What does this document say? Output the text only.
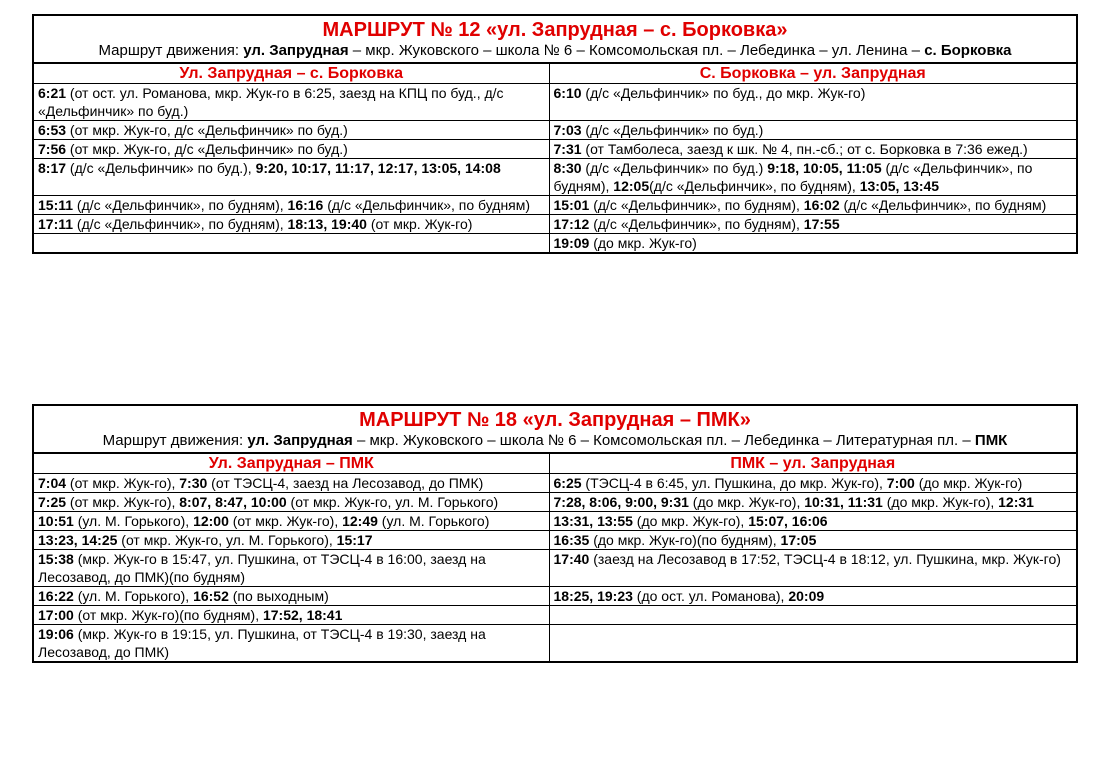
МАРШРУТ № 12 «ул. Запрудная – с. Борковка»
Маршрут движения: ул. Запрудная – мкр. Жуковского – школа № 6 – Комсомольская пл. – Лебединка – ул. Ленина – с. Борковка
Ул. Запрудная – с. Борковка	С. Борковка – ул. Запрудная
6:21 (от ост. ул. Романова, мкр. Жук-го в 6:25, заезд на КПЦ по буд., д/с «Дельфинчик» по буд.)	6:10 (д/с «Дельфинчик» по буд., до мкр. Жук-го)
6:53 (от мкр. Жук-го, д/с «Дельфинчик» по буд.)	7:03 (д/с «Дельфинчик» по буд.)
7:56 (от мкр. Жук-го, д/с «Дельфинчик» по буд.)	7:31 (от Тамболеса, заезд к шк. № 4, пн.-сб.; от с. Борковка в 7:36 ежед.)
8:17 (д/с «Дельфинчик» по буд.), 9:20, 10:17, 11:17, 12:17, 13:05, 14:08	8:30 (д/с «Дельфинчик» по буд.) 9:18, 10:05, 11:05 (д/с «Дельфинчик», по будням), 12:05(д/с «Дельфинчик», по будням), 13:05, 13:45
15:11 (д/с «Дельфинчик», по будням), 16:16 (д/с «Дельфинчик», по будням)	15:01 (д/с «Дельфинчик», по будням), 16:02 (д/с «Дельфинчик», по будням)
17:11 (д/с «Дельфинчик», по будням), 18:13, 19:40 (от мкр. Жук-го)	17:12 (д/с «Дельфинчик», по будням), 17:55
	19:09 (до мкр. Жук-го)
МАРШРУТ № 18 «ул. Запрудная – ПМК»
Маршрут движения: ул. Запрудная – мкр. Жуковского – школа № 6 – Комсомольская пл. – Лебединка – Литературная пл. – ПМК
Ул. Запрудная – ПМК	ПМК – ул. Запрудная
7:04 (от мкр. Жук-го), 7:30 (от ТЭСЦ-4, заезд на Лесозавод, до ПМК)	6:25 (ТЭСЦ-4 в 6:45, ул. Пушкина, до мкр. Жук-го), 7:00 (до мкр. Жук-го)
7:25 (от мкр. Жук-го), 8:07, 8:47, 10:00 (от мкр. Жук-го, ул. М. Горького)	7:28, 8:06, 9:00, 9:31 (до мкр. Жук-го), 10:31, 11:31 (до мкр. Жук-го), 12:31
10:51 (ул. М. Горького), 12:00 (от мкр. Жук-го), 12:49 (ул. М. Горького)	13:31, 13:55 (до мкр. Жук-го), 15:07, 16:06
13:23, 14:25 (от мкр. Жук-го, ул. М. Горького), 15:17	16:35 (до мкр. Жук-го)(по будням), 17:05
15:38 (мкр. Жук-го в 15:47, ул. Пушкина, от ТЭСЦ-4 в 16:00, заезд на Лесозавод, до ПМК)(по будням)	17:40 (заезд на Лесозавод в 17:52, ТЭСЦ-4 в 18:12, ул. Пушкина, мкр. Жук-го)
16:22 (ул. М. Горького), 16:52 (по выходным)	18:25, 19:23 (до ост. ул. Романова), 20:09
17:00 (от мкр. Жук-го)(по будням), 17:52, 18:41	
19:06 (мкр. Жук-го в 19:15, ул. Пушкина, от ТЭСЦ-4 в 19:30, заезд на Лесозавод, до ПМК)	
